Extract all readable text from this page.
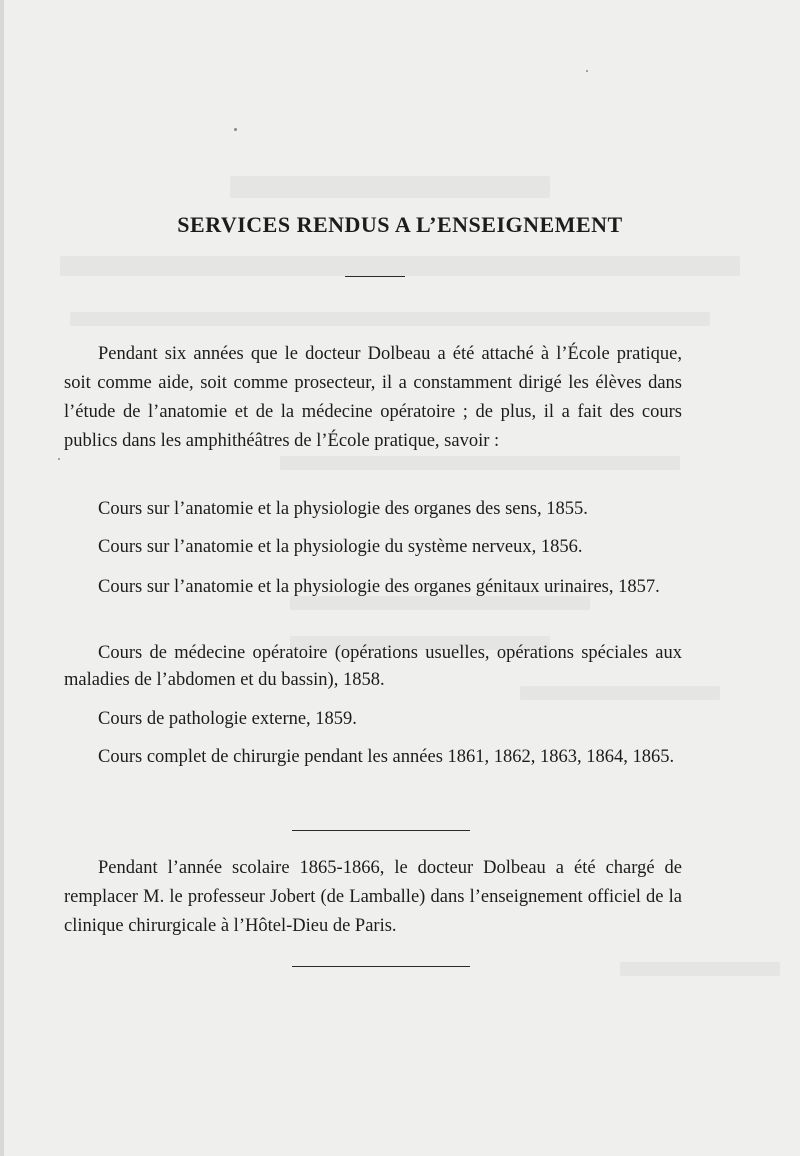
SERVICES RENDUS A L’ENSEIGNEMENT
Pendant six années que le docteur Dolbeau a été attaché à l’École pratique, soit comme aide, soit comme prosecteur, il a constamment dirigé les élèves dans l’étude de l’anatomie et de la médecine opératoire ; de plus, il a fait des cours publics dans les amphithéâtres de l’École pratique, savoir :
Cours sur l’anatomie et la physiologie des organes des sens, 1855.
Cours sur l’anatomie et la physiologie du système nerveux, 1856.
Cours sur l’anatomie et la physiologie des organes génitaux urinaires, 1857.
Cours de médecine opératoire (opérations usuelles, opérations spéciales aux maladies de l’abdomen et du bassin), 1858.
Cours de pathologie externe, 1859.
Cours complet de chirurgie pendant les années 1861, 1862, 1863, 1864, 1865.
Pendant l’année scolaire 1865-1866, le docteur Dolbeau a été chargé de remplacer M. le professeur Jobert (de Lamballe) dans l’enseignement officiel de la clinique chirurgicale à l’Hôtel-Dieu de Paris.
